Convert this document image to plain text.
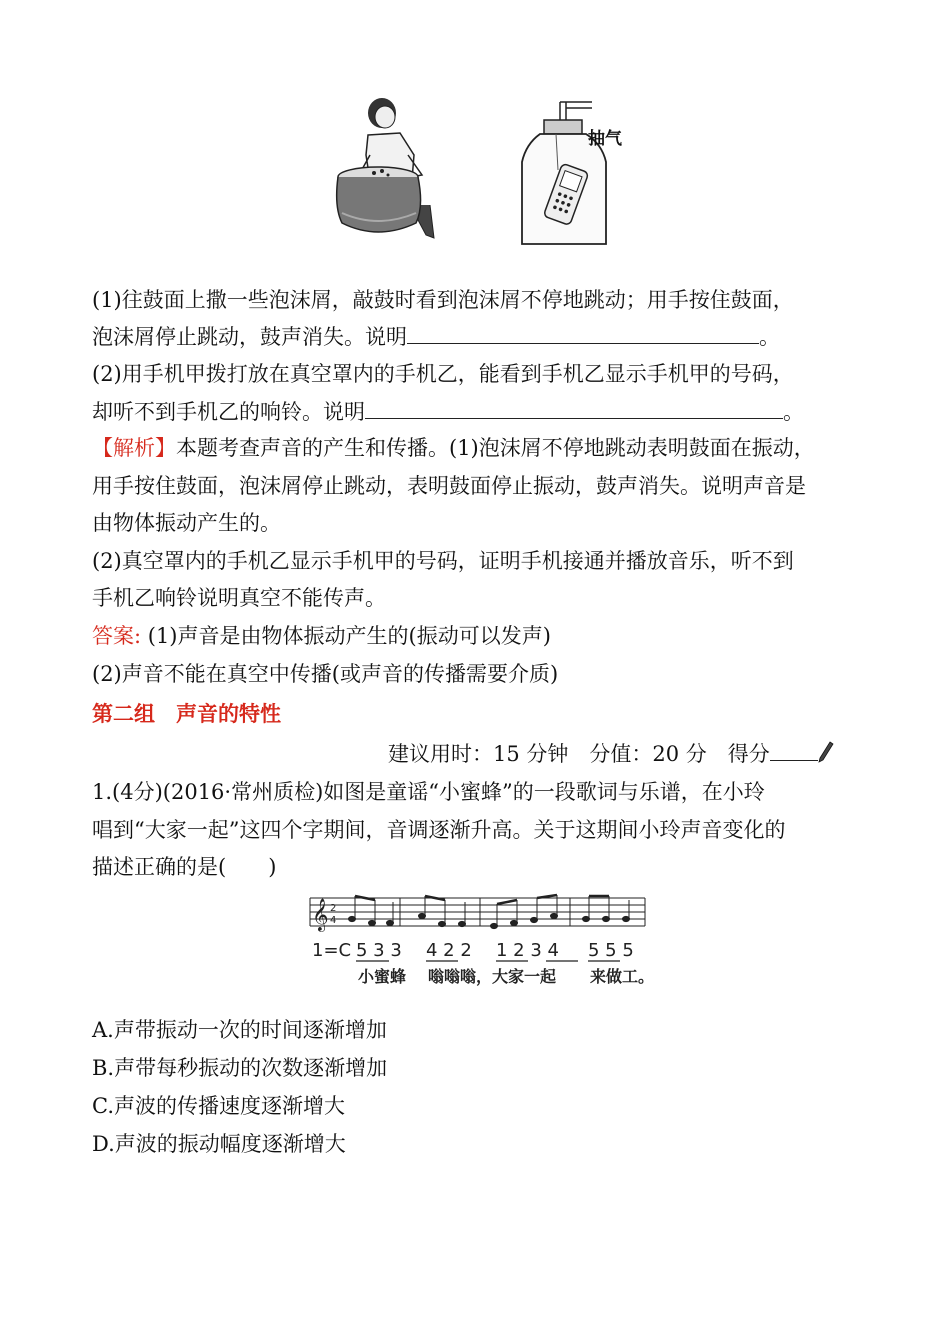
抽气
(1)往鼓面上撒一些泡沫屑，敲鼓时看到泡沫屑不停地跳动；用手按住鼓面，
泡沫屑停止跳动，鼓声消失。说明	。
(2)用手机甲拨打放在真空罩内的手机乙，能看到手机乙显示手机甲的号码，
却听不到手机乙的响铃。说明	。
【解析】本题考查声音的产生和传播。(1)泡沫屑不停地跳动表明鼓面在振动，
用手按住鼓面，泡沫屑停止跳动，表明鼓面停止振动，鼓声消失。说明声音是
由物体振动产生的。
(2)真空罩内的手机乙显示手机甲的号码，证明手机接通并播放音乐，听不到
手机乙响铃说明真空不能传声。
答案: (1)声音是由物体振动产生的(振动可以发声)
(2)声音不能在真空中传播(或声音的传播需要介质)
第二组　声音的特性
建议用时：15 分钟　分值：20 分　得分
1.(4分)(2016·常州质检)如图是童谣“小蜜蜂”的一段歌词与乐谱，在小玲
唱到“大家一起”这四个字期间，音调逐渐升高。关于这期间小玲声音变化的
描述正确的是(　　)
𝄞 2
4
1=C 5 3 3 4 2 2 1 2 3 4 5 5 5
小蜜蜂 嗡嗡嗡，大家一起 来做工。
A.声带振动一次的时间逐渐增加
B.声带每秒振动的次数逐渐增加
C.声波的传播速度逐渐增大
D.声波的振动幅度逐渐增大
